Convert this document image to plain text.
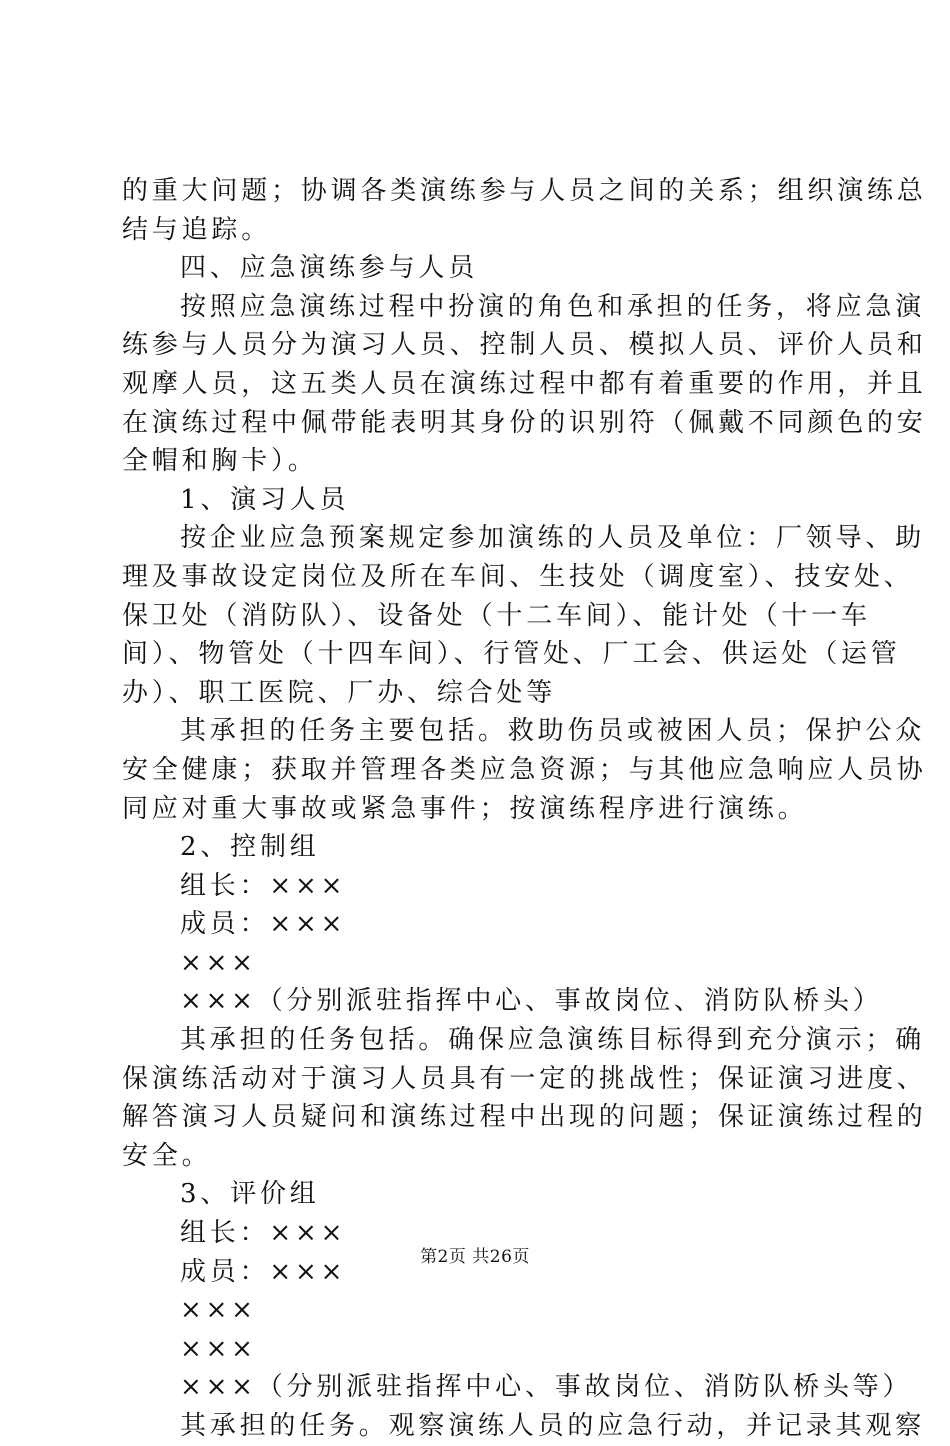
的重大问题；协调各类演练参与人员之间的关系；组织演练总
结与追踪。
四、应急演练参与人员
按照应急演练过程中扮演的角色和承担的任务，将应急演
练参与人员分为演习人员、控制人员、模拟人员、评价人员和
观摩人员，这五类人员在演练过程中都有着重要的作用，并且
在演练过程中佩带能表明其身份的识别符（佩戴不同颜色的安
全帽和胸卡）。
1、演习人员
按企业应急预案规定参加演练的人员及单位：厂领导、助
理及事故设定岗位及所在车间、生技处（调度室）、技安处、
保卫处（消防队）、设备处（十二车间）、能计处（十一车
间）、物管处（十四车间）、行管处、厂工会、供运处（运管
办）、职工医院、厂办、综合处等
其承担的任务主要包括。救助伤员或被困人员；保护公众
安全健康；获取并管理各类应急资源；与其他应急响应人员协
同应对重大事故或紧急事件；按演练程序进行演练。
2、控制组
组长：×××
成员：×××
×××
×××（分别派驻指挥中心、事故岗位、消防队桥头）
其承担的任务包括。确保应急演练目标得到充分演示；确
保演练活动对于演习人员具有一定的挑战性；保证演习进度、
解答演习人员疑问和演练过程中出现的问题；保证演练过程的
安全。
3、评价组
组长：×××
成员：×××
×××
×××
×××（分别派驻指挥中心、事故岗位、消防队桥头等）
其承担的任务。观察演练人员的应急行动，并记录其观察
第2页 共26页
